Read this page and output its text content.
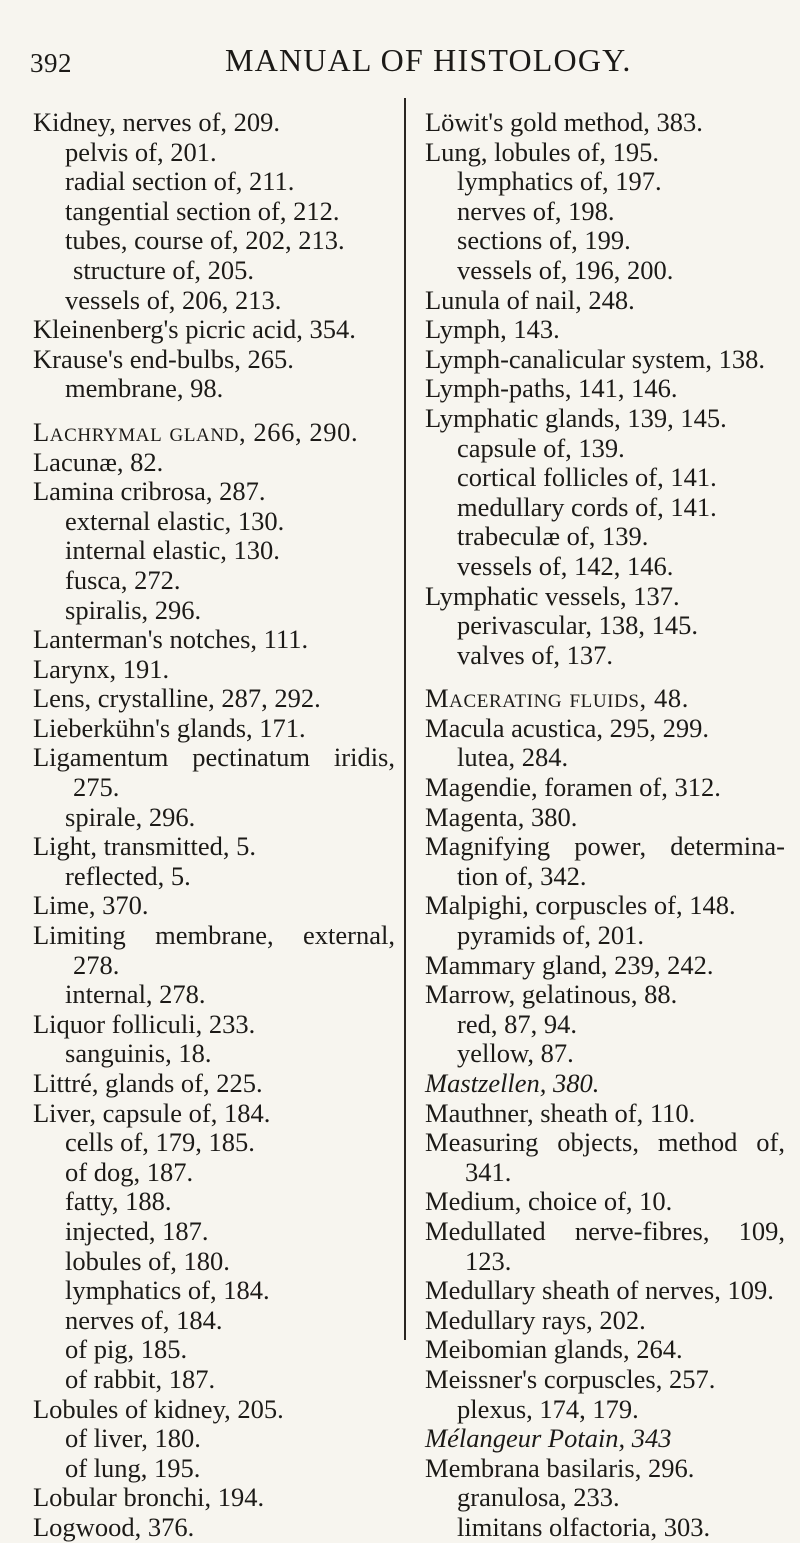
392	MANUAL OF HISTOLOGY.
Kidney, nerves of, 209.
pelvis of, 201.
radial section of, 211.
tangential section of, 212.
tubes, course of, 202, 213.
structure of, 205.
vessels of, 206, 213.
Kleinenberg's picric acid, 354.
Krause's end-bulbs, 265.
membrane, 98.
Lachrymal gland, 266, 290.
Lacunæ, 82.
Lamina cribrosa, 287.
external elastic, 130.
internal elastic, 130.
fusca, 272.
spiralis, 296.
Lanterman's notches, 111.
Larynx, 191.
Lens, crystalline, 287, 292.
Lieberkühn's glands, 171.
Ligamentum pectinatum iridis,
275.
spirale, 296.
Light, transmitted, 5.
reflected, 5.
Lime, 370.
Limiting membrane, external,
278.
internal, 278.
Liquor folliculi, 233.
sanguinis, 18.
Littré, glands of, 225.
Liver, capsule of, 184.
cells of, 179, 185.
of dog, 187.
fatty, 188.
injected, 187.
lobules of, 180.
lymphatics of, 184.
nerves of, 184.
of pig, 185.
of rabbit, 187.
Lobules of kidney, 205.
of liver, 180.
of lung, 195.
Lobular bronchi, 194.
Logwood, 376.
Löwit's gold method, 383.
Lung, lobules of, 195.
lymphatics of, 197.
nerves of, 198.
sections of, 199.
vessels of, 196, 200.
Lunula of nail, 248.
Lymph, 143.
Lymph-canalicular system, 138.
Lymph-paths, 141, 146.
Lymphatic glands, 139, 145.
capsule of, 139.
cortical follicles of, 141.
medullary cords of, 141.
trabeculæ of, 139.
vessels of, 142, 146.
Lymphatic vessels, 137.
perivascular, 138, 145.
valves of, 137.
Macerating fluids, 48.
Macula acustica, 295, 299.
lutea, 284.
Magendie, foramen of, 312.
Magenta, 380.
Magnifying power, determina-
tion of, 342.
Malpighi, corpuscles of, 148.
pyramids of, 201.
Mammary gland, 239, 242.
Marrow, gelatinous, 88.
red, 87, 94.
yellow, 87.
Mastzellen, 380.
Mauthner, sheath of, 110.
Measuring objects, method of,
341.
Medium, choice of, 10.
Medullated nerve-fibres, 109,
123.
Medullary sheath of nerves, 109.
Medullary rays, 202.
Meibomian glands, 264.
Meissner's corpuscles, 257.
plexus, 174, 179.
Mélangeur Potain, 343
Membrana basilaris, 296.
granulosa, 233.
limitans olfactoria, 303.
